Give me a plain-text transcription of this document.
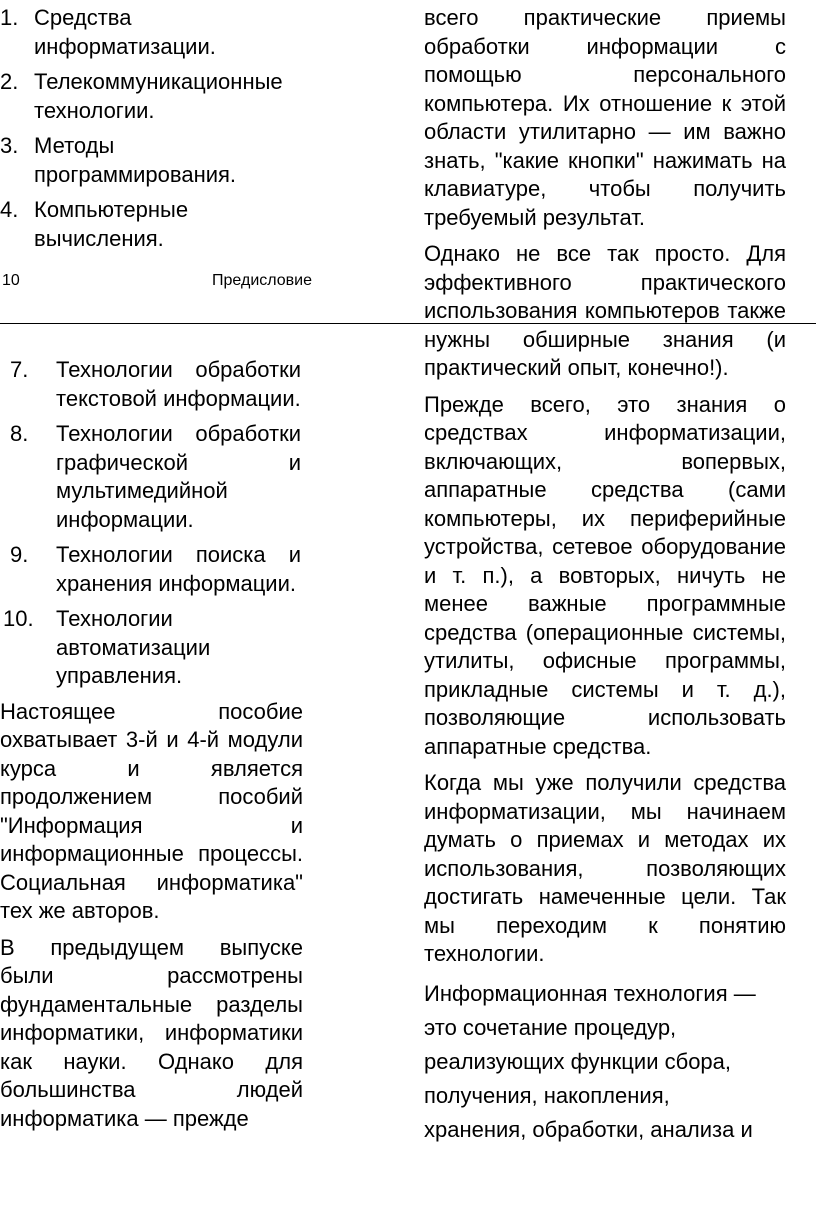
1. Средства информатизации.
2. Телекоммуникационные технологии.
3. Методы программирования.
4. Компьютерные вычисления.
10	Предисловие
7.	Технологии обработки текстовой информации.
8.	Технологии обработки графической и мультимедийной информации.
9.	Технологии поиска и хранения информации.
10.	Технологии автоматизации управления.

Настоящее пособие охватывает 3-й и 4-й модули курса и является продолжением пособий "Информация и информационные процессы. Социальная информатика" тех же авторов.

В предыдущем выпуске были рассмотрены фундаментальные разделы информатики, информатики как науки. Однако для большинства людей информатика — прежде

всего практические приемы обработки информации с помощью персонального компьютера. Их отношение к этой области утилитарно — им важно знать, "какие кнопки" нажимать на клавиатуре, чтобы получить требуемый результат.

Однако не все так просто. Для эффективного практического использования компьютеров также нужны обширные знания (и практический опыт, конечно!).

Прежде всего, это знания о средствах информатизации, включающих, вопервых, аппаратные средства (сами компьютеры, их периферийные устройства, сетевое оборудование и т. п.), а вовторых, ничуть не менее важные программные средства (операционные системы, утилиты, офисные программы, прикладные системы и т. д.), позволяющие использовать аппаратные средства.

Когда мы уже получили средства информатизации, мы начинаем думать о приемах и методах их использования, позволяющих достигать намеченные цели. Так мы переходим к понятию технологии.

Информационная технология —
это сочетание процедур,
реализующих функции сбора,
получения, накопления,
хранения, обработки, анализа и
